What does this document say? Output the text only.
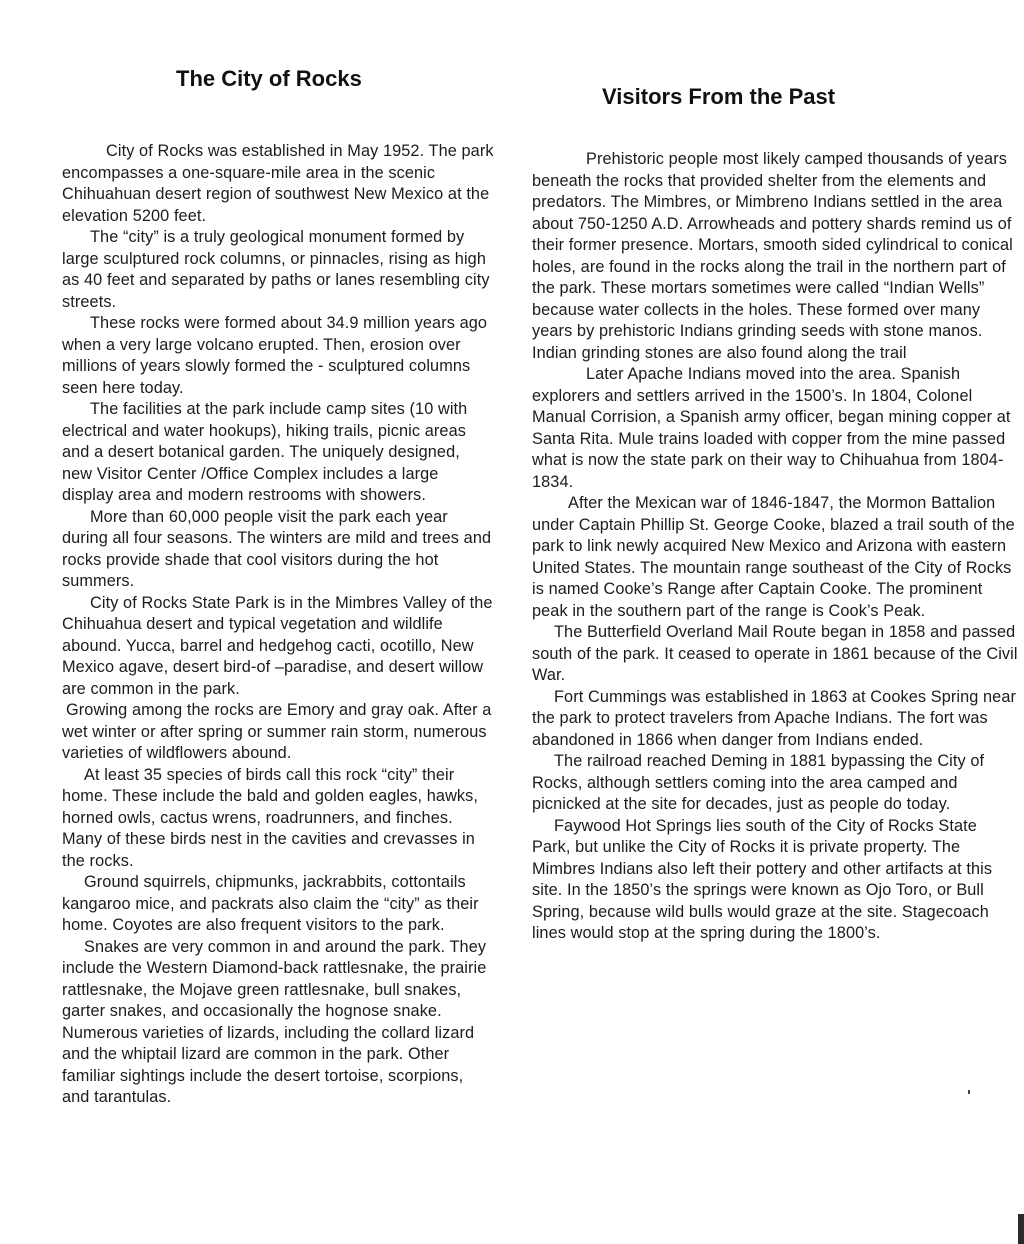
The City of Rocks
Visitors From the Past

City of Rocks was established in May 1952. The park encompasses a one-square-mile area in the scenic Chihuahuan desert region of southwest New Mexico at the elevation 5200 feet.

The “city” is a truly geological monument formed by large sculptured rock columns, or pinnacles, rising as high as 40 feet and separated by paths or lanes resembling city streets.

These rocks were formed about 34.9 million years ago when a very large volcano erupted. Then, erosion over millions of years slowly formed the - sculptured columns seen here today.

The facilities at the park include camp sites (10 with electrical and water hookups), hiking trails, picnic areas and a desert botanical garden. The uniquely designed, new Visitor Center /Office Complex includes a large display area and modern restrooms with showers.

More than 60,000 people visit the park each year during all four seasons. The winters are mild and trees and rocks provide shade that cool visitors during the hot summers.

City of Rocks State Park is in the Mimbres Valley of the Chihuahua desert and typical vegetation and wildlife abound. Yucca, barrel and hedgehog cacti, ocotillo, New Mexico agave, desert bird-of –paradise, and desert willow are common in the park.

Growing among the rocks are Emory and gray oak. After a wet winter or after spring or summer rain storm, numerous varieties of wildflowers abound.

At least 35 species of birds call this rock “city” their home. These include the bald and golden eagles, hawks, horned owls, cactus wrens, roadrunners, and finches. Many of these birds nest in the cavities and crevasses in the rocks.

Ground squirrels, chipmunks, jackrabbits, cottontails kangaroo mice, and packrats also claim the “city” as their home. Coyotes are also frequent visitors to the park.

Snakes are very common in and around the park. They include the Western Diamond-back rattlesnake, the prairie rattlesnake, the Mojave green rattlesnake, bull snakes, garter snakes, and occasionally the hognose snake. Numerous varieties of lizards, including the collard lizard and the whiptail lizard are common in the park. Other familiar sightings include the desert tortoise, scorpions, and tarantulas.

Prehistoric people most likely camped thousands of years beneath the rocks that provided shelter from the elements and predators. The Mimbres, or Mimbreno Indians settled in the area about 750-1250 A.D. Arrowheads and pottery shards remind us of their former presence. Mortars, smooth sided cylindrical to conical holes, are found in the rocks along the trail in the northern part of the park. These mortars sometimes were called “Indian Wells” because water collects in the holes. These formed over many years by prehistoric Indians grinding seeds with stone manos. Indian grinding stones are also found along the trail

Later Apache Indians moved into the area. Spanish explorers and settlers arrived in the 1500’s. In 1804, Colonel Manual Corrision, a Spanish army officer, began mining copper at Santa Rita. Mule trains loaded with copper from the mine passed what is now the state park on their way to Chihuahua from 1804-1834.

After the Mexican war of 1846-1847, the Mormon Battalion under Captain Phillip St. George Cooke, blazed a trail south of the park to link newly acquired New Mexico and Arizona with eastern United States. The mountain range southeast of the City of Rocks is named Cooke’s Range after Captain Cooke. The prominent peak in the southern part of the range is Cook’s Peak.

The Butterfield Overland Mail Route began in 1858 and passed south of the park. It ceased to operate in 1861 because of the Civil War.

Fort Cummings was established in 1863 at Cookes Spring near the park to protect travelers from Apache Indians. The fort was abandoned in 1866 when danger from Indians ended.

The railroad reached Deming in 1881 bypassing the City of Rocks, although settlers coming into the area camped and picnicked at the site for decades, just as people do today.

Faywood Hot Springs lies south of the City of Rocks State Park, but unlike the City of Rocks it is private property. The Mimbres Indians also left their pottery and other artifacts at this site. In the 1850’s the springs were known as Ojo Toro, or Bull Spring, because wild bulls would graze at the site. Stagecoach lines would stop at the spring during the 1800’s.
